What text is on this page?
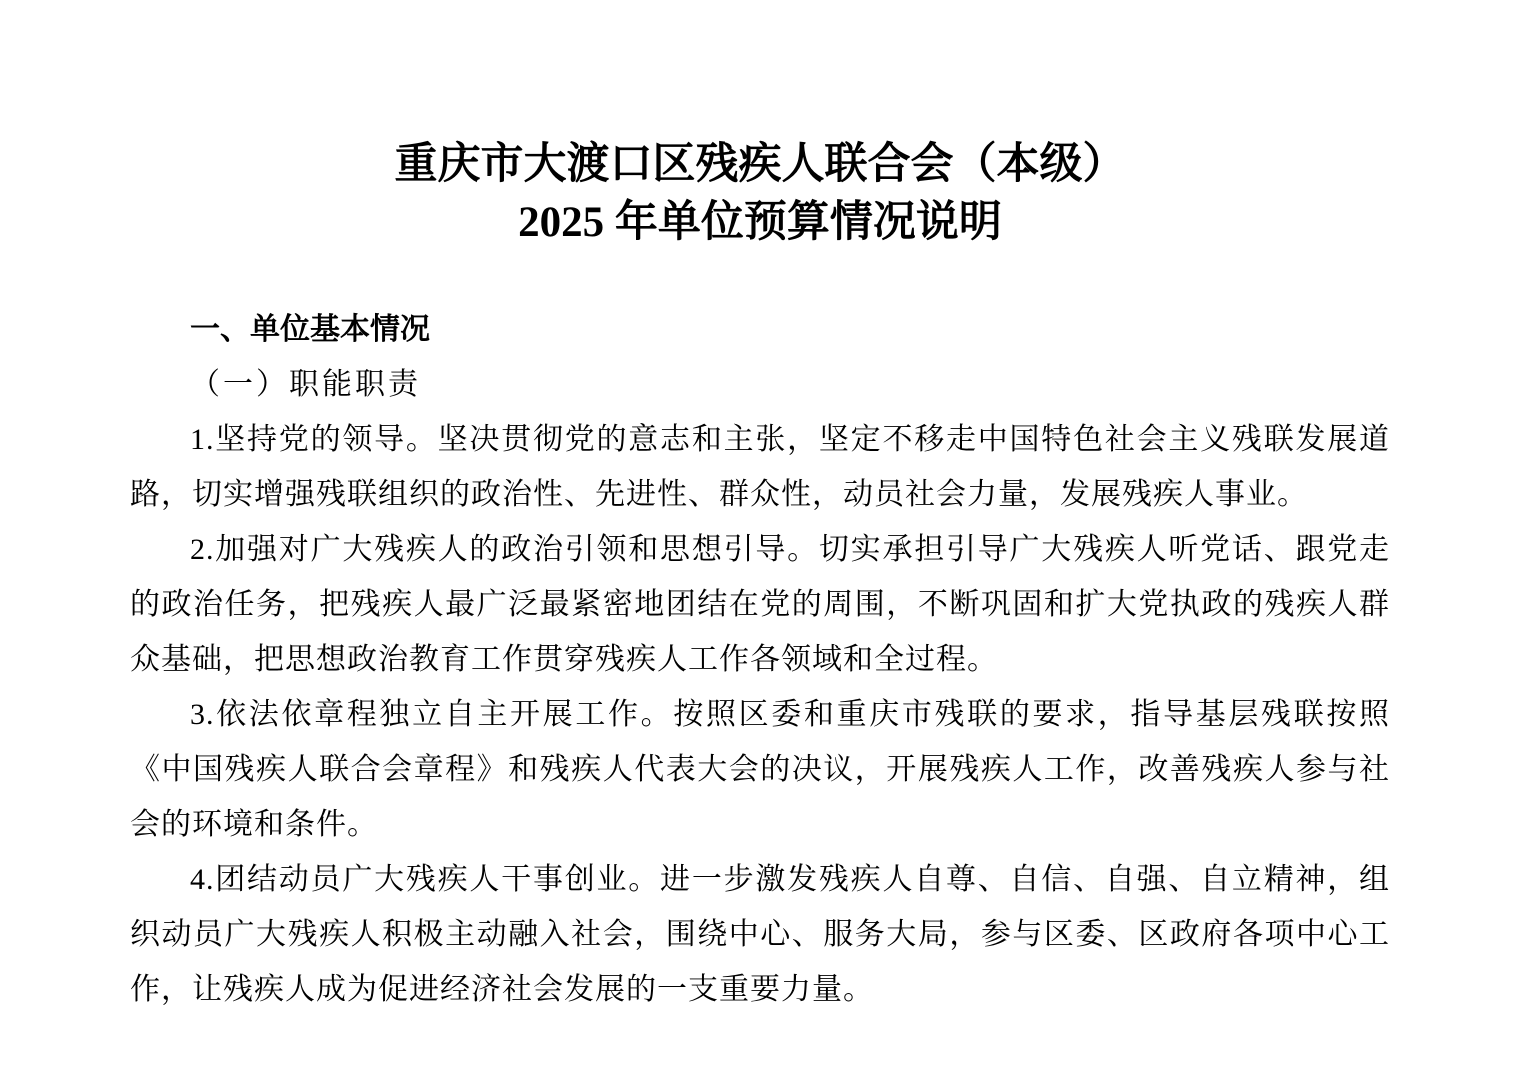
重庆市大渡口区残疾人联合会（本级）
2025 年单位预算情况说明
一、单位基本情况
（一）职能职责

1.坚持党的领导。坚决贯彻党的意志和主张，坚定不移走中国特色社会主义残联发展道路，切实增强残联组织的政治性、先进性、群众性，动员社会力量，发展残疾人事业。

2.加强对广大残疾人的政治引领和思想引导。切实承担引导广大残疾人听党话、跟党走的政治任务，把残疾人最广泛最紧密地团结在党的周围，不断巩固和扩大党执政的残疾人群众基础，把思想政治教育工作贯穿残疾人工作各领域和全过程。

3.依法依章程独立自主开展工作。按照区委和重庆市残联的要求，指导基层残联按照《中国残疾人联合会章程》和残疾人代表大会的决议，开展残疾人工作，改善残疾人参与社会的环境和条件。

4.团结动员广大残疾人干事创业。进一步激发残疾人自尊、自信、自强、自立精神，组织动员广大残疾人积极主动融入社会，围绕中心、服务大局，参与区委、区政府各项中心工作，让残疾人成为促进经济社会发展的一支重要力量。
